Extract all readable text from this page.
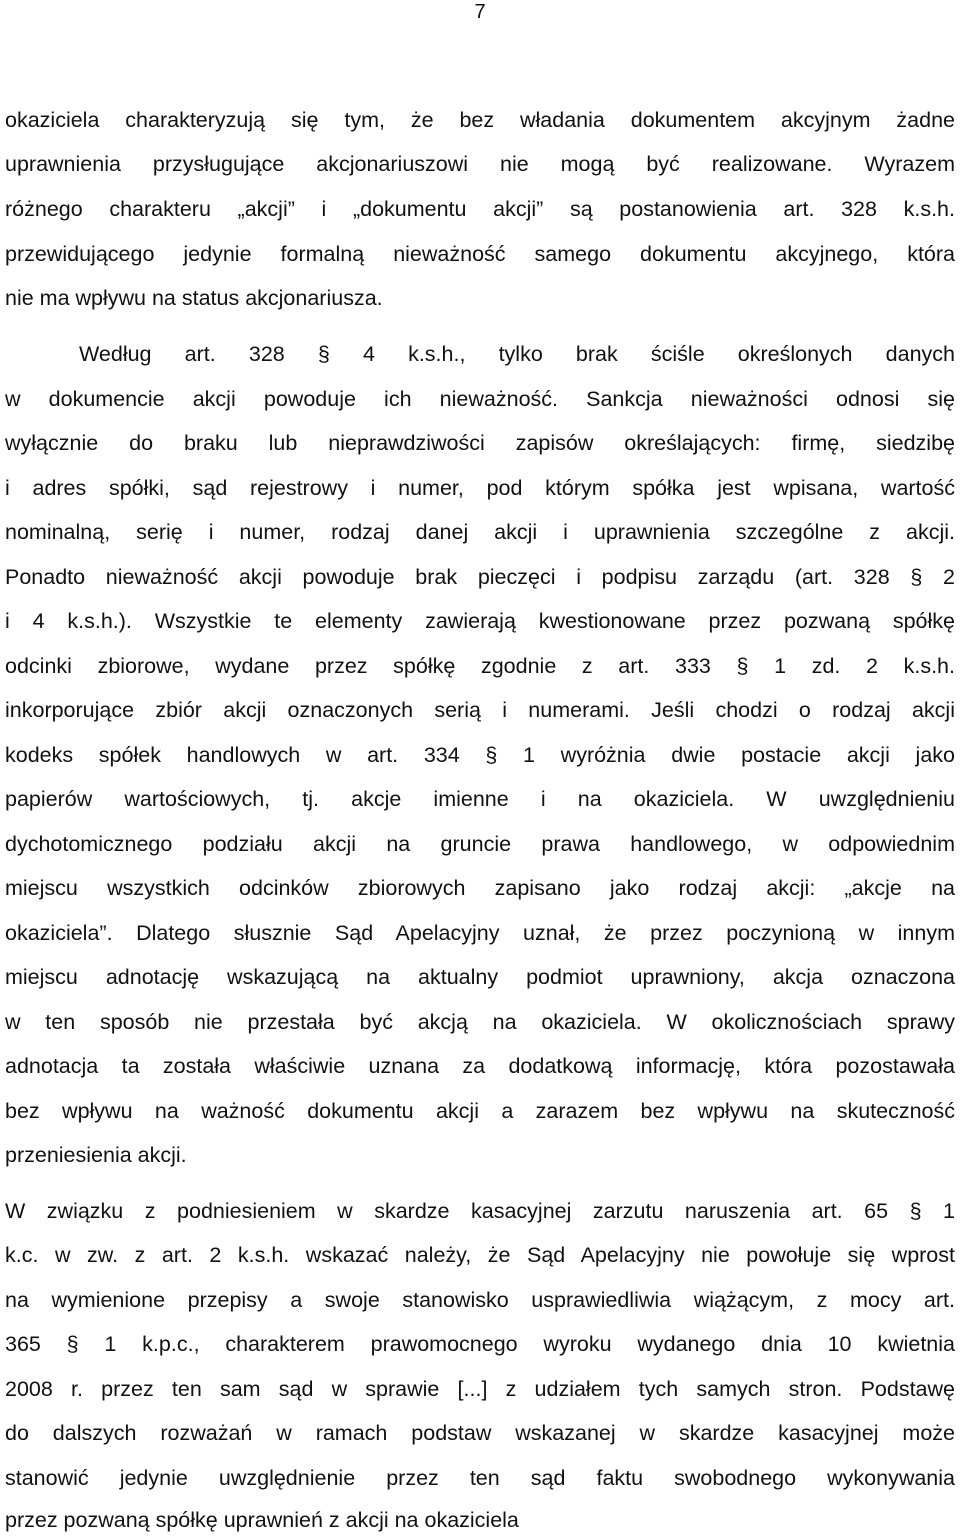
7
okaziciela charakteryzują się tym, że bez władania dokumentem akcyjnym żadne
uprawnienia przysługujące akcjonariuszowi nie mogą być realizowane. Wyrazem
różnego charakteru „akcji” i „dokumentu akcji” są postanowienia art. 328 k.s.h.
przewidującego jedynie formalną nieważność samego dokumentu akcyjnego, która
nie ma wpływu na status akcjonariusza.
Według art. 328 § 4 k.s.h., tylko brak ściśle określonych danych
w dokumencie akcji powoduje ich nieważność. Sankcja nieważności odnosi się
wyłącznie do braku lub nieprawdziwości zapisów określających: firmę, siedzibę
i adres spółki, sąd rejestrowy i numer, pod którym spółka jest wpisana, wartość
nominalną, serię i numer, rodzaj danej akcji i uprawnienia szczególne z akcji.
Ponadto nieważność akcji powoduje brak pieczęci i podpisu zarządu (art. 328 § 2
i 4 k.s.h.). Wszystkie te elementy zawierają kwestionowane przez pozwaną spółkę
odcinki zbiorowe, wydane przez spółkę zgodnie z art. 333 § 1 zd. 2 k.s.h.
inkorporujące zbiór akcji oznaczonych serią i numerami. Jeśli chodzi o rodzaj akcji
kodeks spółek handlowych w art. 334 § 1 wyróżnia dwie postacie akcji jako
papierów wartościowych, tj. akcje imienne i na okaziciela. W uwzględnieniu
dychotomicznego podziału akcji na gruncie prawa handlowego, w odpowiednim
miejscu wszystkich odcinków zbiorowych zapisano jako rodzaj akcji: „akcje na
okaziciela”. Dlatego słusznie Sąd Apelacyjny uznał, że przez poczynioną w innym
miejscu adnotację wskazującą na aktualny podmiot uprawniony, akcja oznaczona
w ten sposób nie przestała być akcją na okaziciela. W okolicznościach sprawy
adnotacja ta została właściwie uznana za dodatkową informację, która pozostawała
bez wpływu na ważność dokumentu akcji a zarazem bez wpływu na skuteczność
przeniesienia akcji.
W związku z podniesieniem w skardze kasacyjnej zarzutu naruszenia art. 65 § 1
k.c. w zw. z art. 2 k.s.h. wskazać należy, że Sąd Apelacyjny nie powołuje się wprost
na wymienione przepisy a swoje stanowisko usprawiedliwia wiążącym, z mocy art.
365 § 1 k.p.c., charakterem prawomocnego wyroku wydanego dnia 10 kwietnia
2008 r. przez ten sam sąd w sprawie [...] z udziałem tych samych stron. Podstawę
do dalszych rozważań w ramach podstaw wskazanej w skardze kasacyjnej może
stanowić jedynie uwzględnienie przez ten sąd faktu swobodnego wykonywania
przez pozwaną spółkę uprawnień z akcji na okaziciela
